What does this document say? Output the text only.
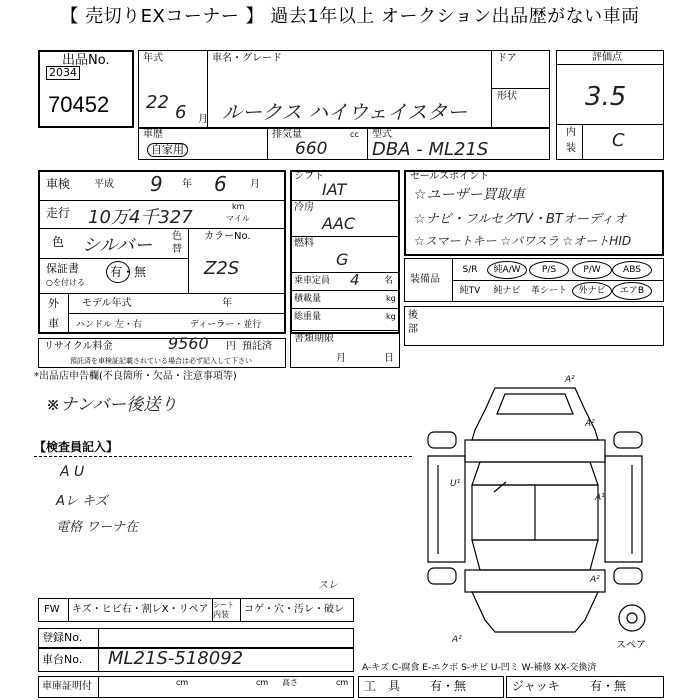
【 売切りEXコーナー 】 過去1年以上 オークション出品歴がない車両
出品No.
2034
70452
年式
22 6 月
車名・グレード
ルークス ハイウェイスター
ドア
形状
評価点
3.5
内
装 C
車歴
自家用
排気量	cc
660
型式
DBA - ML21S
車検 平成 9 年 6 月
走行 10万4千327
km
マイル
色 シルバー 色
替
カラーNo.
Z2S
保証書
○を付ける
有・無
外
車
モデル年式	年
ハンドル 左・右	ディーラー・並行
リサイクル料金	9560 円 預託済
預託済を車検証記載されている場合は必ず記入して下さい
*出品店申告欄(不良箇所・欠品・注意事項等)
※ナンバー後送り
【検査員記入】
A U
Aレ キズ
電格 ワーナ在
シフト
IAT
冷房
AAC
燃料
G
乗車定員 4	名
積載量	kg
総重量	kg
書類期限
月	日
セールスポイント
☆ユーザー買取車
☆ナビ・フルセグTV・BTオーディオ
☆スマートキー ☆パワスラ ☆オートHID
装備品
S/R	純A/W	P/S	P/W	ABS
純TV	純ナビ	革シート	外ナビ	エアB
後
部
A²
A²
U¹
A¹
A²
A²	スペア
FW キズ・ヒビ右・割レX・リペア シート
内装 コゲ・穴・汚レ・破レ
スレ
登録No.
車台No. ML21S-518092
車庫証明付	cm	cm 高さ	cm
A-キズ C-腐食 E-エクボ S-サビ U-凹ミ W-補修 XX-交換済
工　具 有・無	ジャッキ	有・無
